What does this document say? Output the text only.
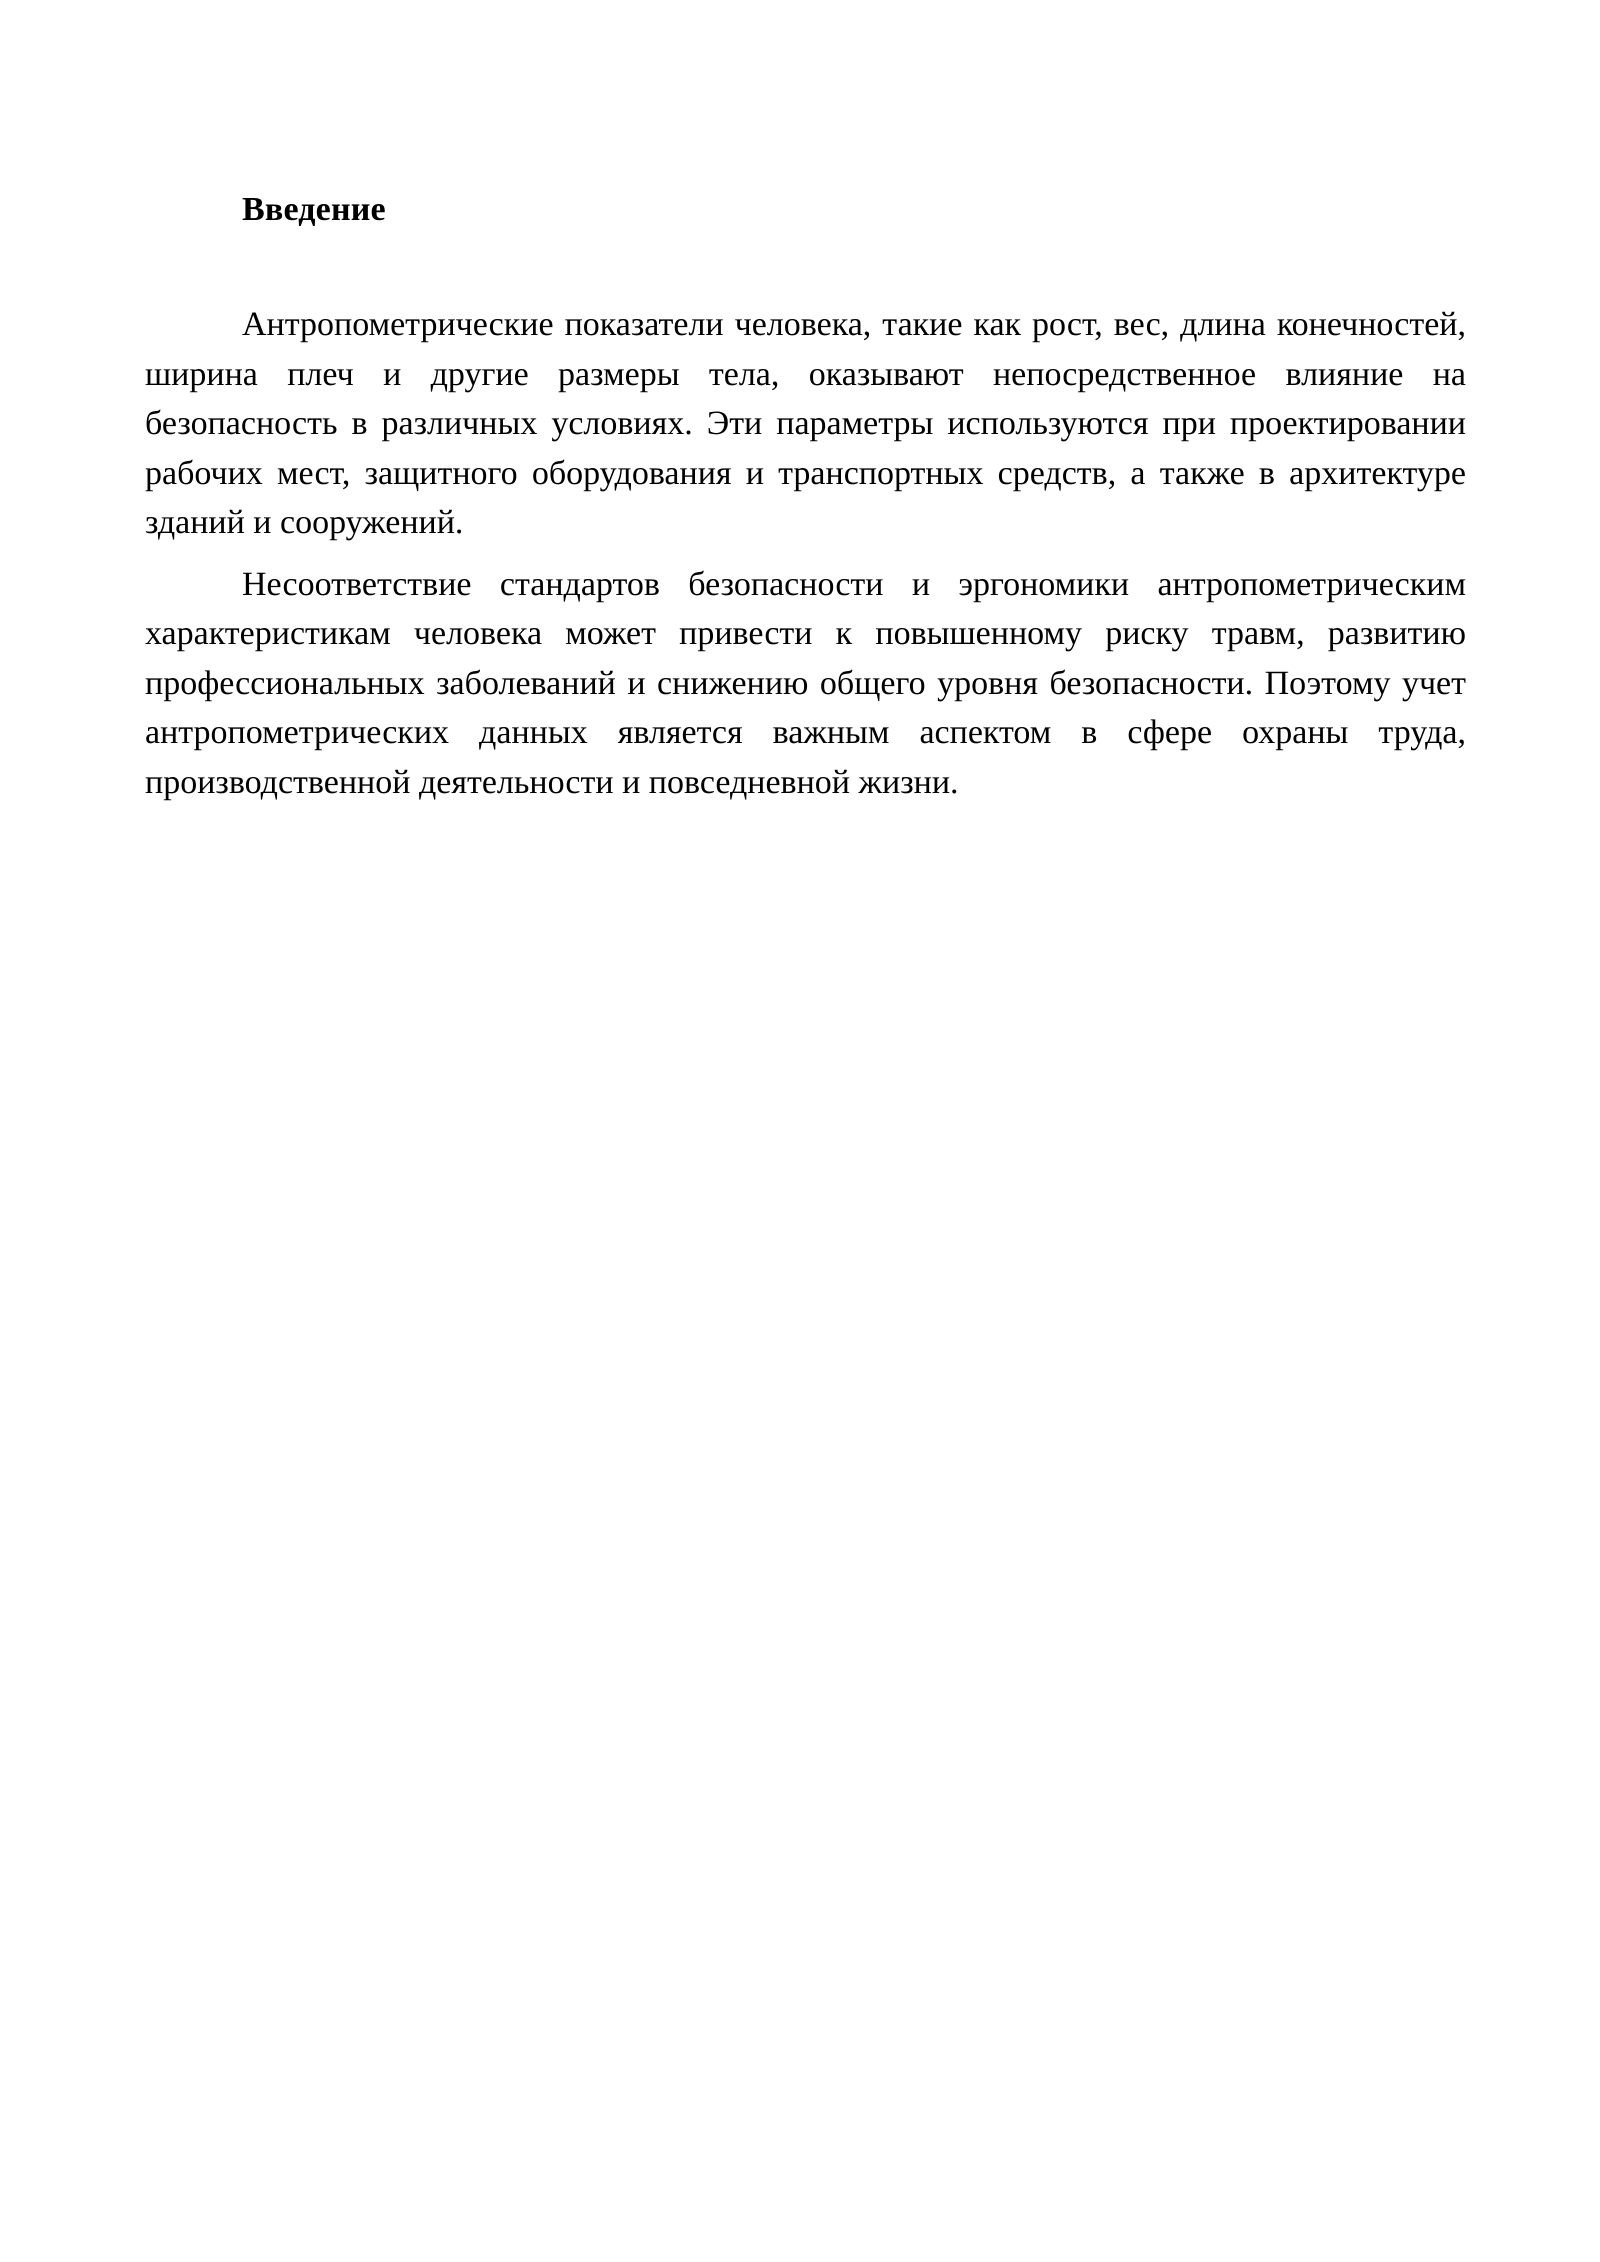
Введение

Антропометрические показатели человека, такие как рост, вес, длина конечностей, ширина плеч и другие размеры тела, оказывают непосредственное влияние на безопасность в различных условиях. Эти параметры используются при проектировании рабочих мест, защитного оборудования и транспортных средств, а также в архитектуре зданий и сооружений.

Несоответствие стандартов безопасности и эргономики антропометрическим характеристикам человека может привести к повышенному риску травм, развитию профессиональных заболеваний и снижению общего уровня безопасности. Поэтому учет антропометрических данных является важным аспектом в сфере охраны труда, производственной деятельности и повседневной жизни.
